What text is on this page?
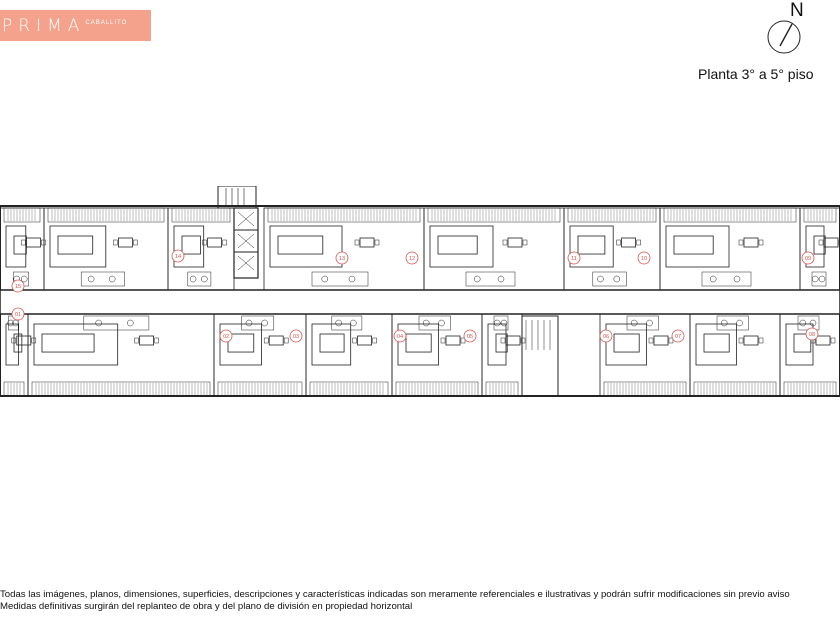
PRIMA CABALLITO
N
Planta 3° a 5° piso
15
14	13	12	11	10	09
01
02	03	04	05	06	07	08
Todas las imágenes, planos, dimensiones, superficies, descripciones y características indicadas son meramente referenciales e ilustrativas y podrán sufrir modificaciones sin previo aviso
Medidas definitivas surgirán del replanteo de obra y del plano de división en propiedad horizontal
